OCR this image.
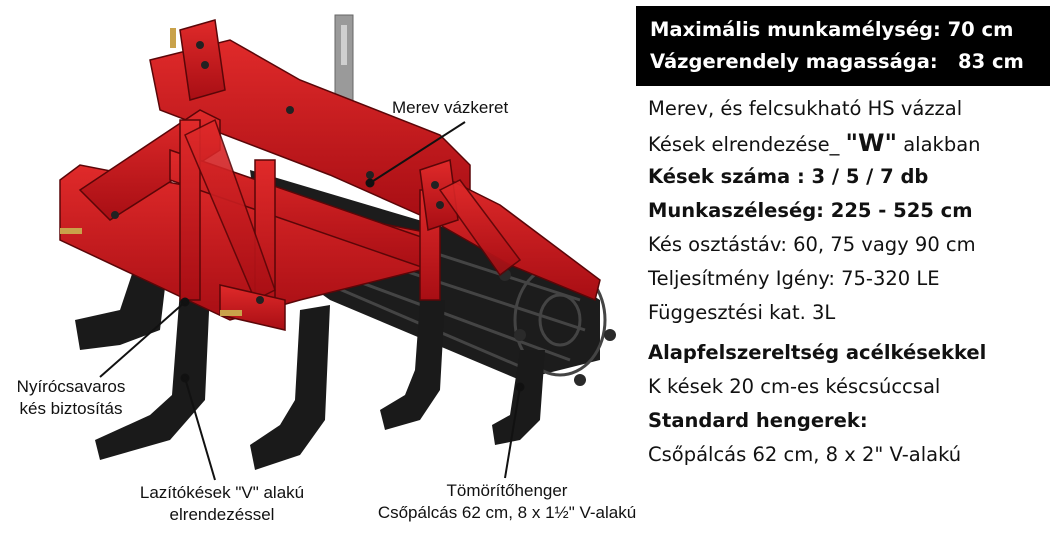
Merev vázkeret
Nyírócsavaros
kés biztosítás
Lazítókések "V" alakú
elrendezéssel
Tömörítőhenger
Csőpálcás 62 cm, 8 x 1½" V-alakú
Maximális munkamélység: 70 cm
Vázgerendely magassága:   83 cm
Merev, és felcsukható HS vázzal
Kések elrendezése_ "W" alakban
Kések száma : 3 / 5 / 7 db
Munkaszéleség: 225 - 525 cm
Kés osztástáv: 60, 75 vagy 90 cm
Teljesítmény Igény: 75-320 LE
Függesztési kat. 3L
Alapfelszereltség acélkésekkel
K kések 20 cm-es késcsúccsal
Standard hengerek:
Csőpálcás 62 cm, 8 x 2" V-alakú
